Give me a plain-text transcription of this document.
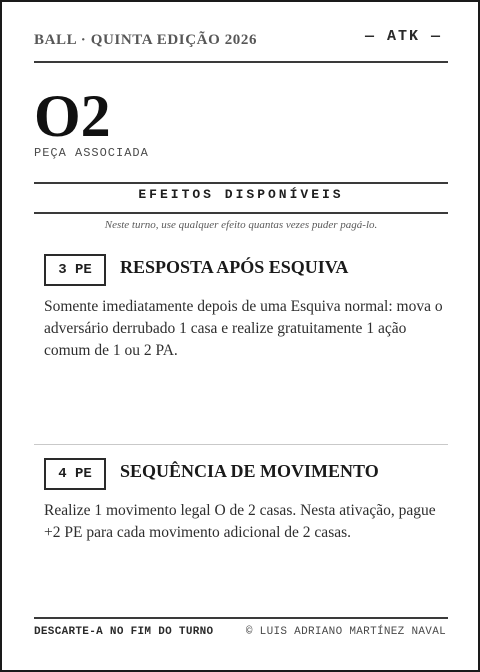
BALL · QUINTA EDIÇÃO 2026	— ATK —
O2
PEÇA ASSOCIADA
EFEITOS DISPONÍVEIS
Neste turno, use qualquer efeito quantas vezes puder pagá-lo.
3 PE	RESPOSTA APÓS ESQUIVA
Somente imediatamente depois de uma Esquiva normal: mova o adversário derrubado 1 casa e realize gratuitamente 1 ação comum de 1 ou 2 PA.
4 PE	SEQUÊNCIA DE MOVIMENTO
Realize 1 movimento legal O de 2 casas. Nesta ativação, pague +2 PE para cada movimento adicional de 2 casas.
DESCARTE-A NO FIM DO TURNO	© LUIS ADRIANO MARTÍNEZ NAVAL
